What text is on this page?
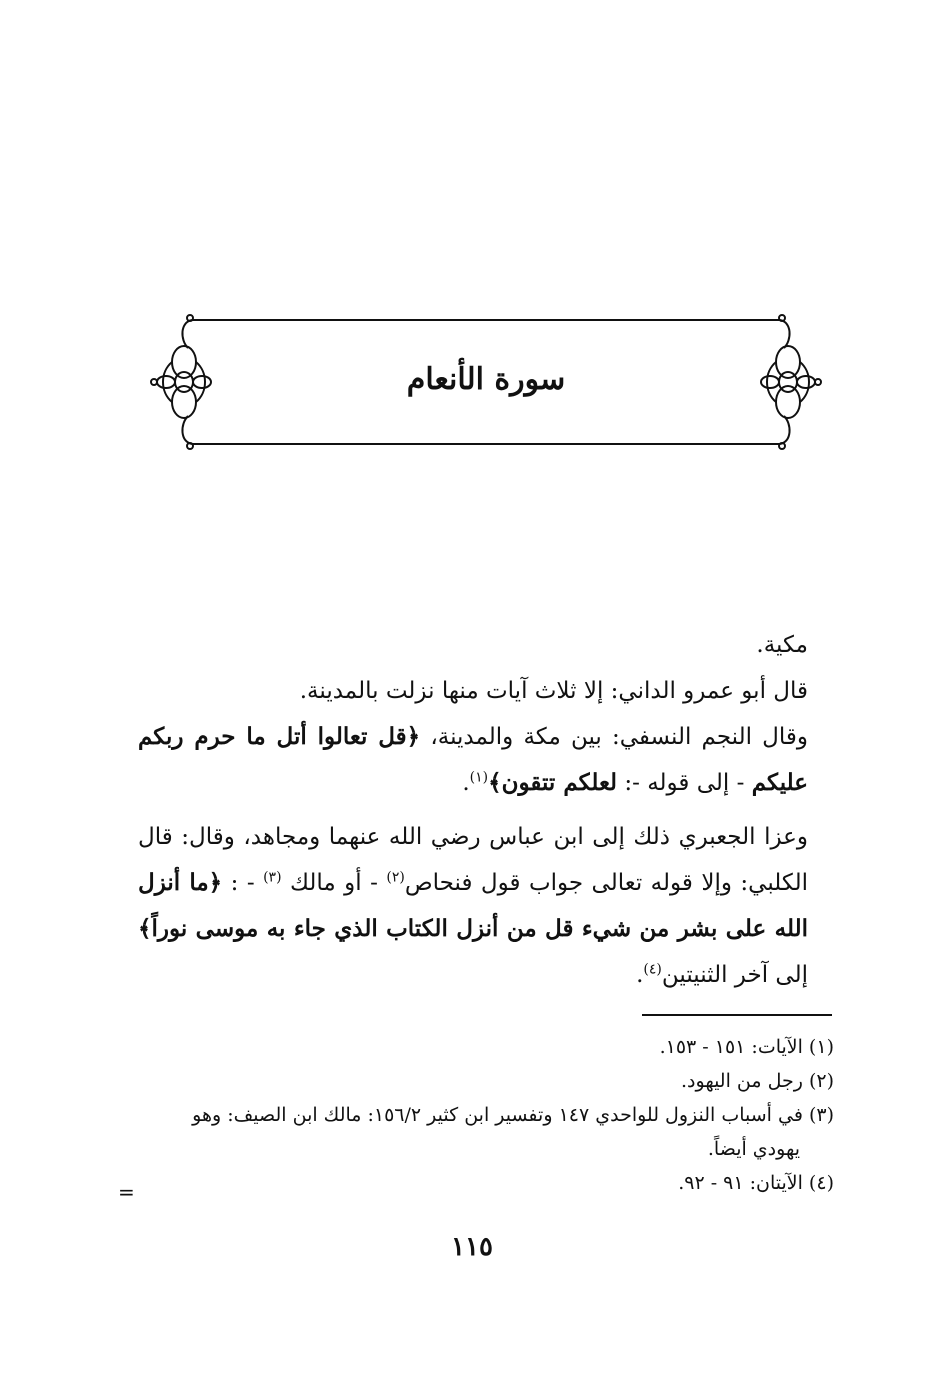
سورة الأنعام

مكية.

قال أبو عمرو الداني: إلا ثلاث آيات منها نزلت بالمدينة.

وقال النجم النسفي: بين مكة والمدينة، ﴿قل تعالوا أتل ما حرم ربكم عليكم - إلى قوله -: لعلكم تتقون﴾$^{(١)}$.

وعزا الجعبري ذلك إلى ابن عباس رضي الله عنهما ومجاهد، وقال: قال الكلبي: وإلا قوله تعالى جواب قول فنحاص$^{(٢)}$ - أو مالك $^{(٣)}$ - : ﴿ما أنزل الله على بشر من شيء قل من أنزل الكتاب الذي جاء به موسى نوراً﴾ إلى آخر الثنيتين$^{(٤)}$.

(١) الآيات: ١٥١ - ١٥٣.

(٢) رجل من اليهود.

(٣) في أسباب النزول للواحدي ١٤٧ وتفسير ابن كثير ١٥٦/٢: مالك ابن الصيف: وهو

يهودي أيضاً.

(٤) الآيتان: ٩١ - ٩٢.

=
١١٥
